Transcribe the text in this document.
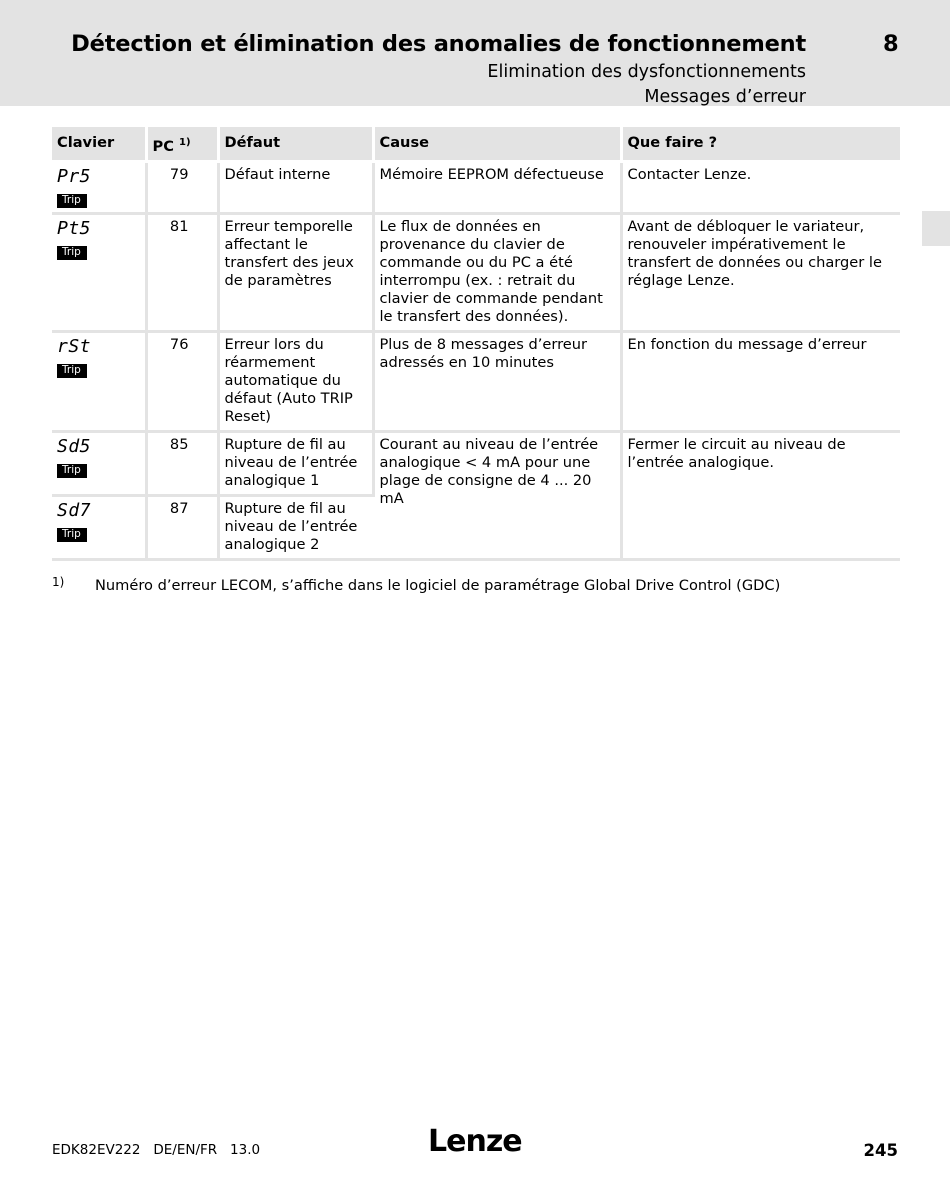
Détection et élimination des anomalies de fonctionnement	8
Elimination des dysfonctionnements
Messages d’erreur
Clavier	PC $^{1)}$	Défaut	Cause	Que faire ?

Pr5
Trip	79	Défaut interne	Mémoire EEPROM défectueuse	Contacter Lenze.

Pt5
Trip	81	Erreur temporelle affectant le transfert des jeux de paramètres	Le flux de données en provenance du clavier de commande ou du PC a été interrompu (ex. : retrait du clavier de commande pendant le transfert des données).	Avant de débloquer le variateur, renouveler impérativement le transfert de données ou charger le réglage Lenze.

rSt
Trip	76	Erreur lors du réarmement automatique du défaut (Auto TRIP Reset)	Plus de 8 messages d’erreur adressés en 10 minutes	En fonction du message d’erreur

Sd5
Trip	85	Rupture de fil au niveau de l’entrée analogique 1	Courant au niveau de l’entrée analogique < 4 mA pour une plage de consigne de 4 ... 20 mA	Fermer le circuit au niveau de l’entrée analogique.

Sd7
Trip	87	Rupture de fil au niveau de l’entrée analogique 2		
1) Numéro d’erreur LECOM, s’affiche dans le logiciel de paramétrage Global Drive Control (GDC)
EDK82EV222   DE/EN/FR   13.0	Lenze	245
